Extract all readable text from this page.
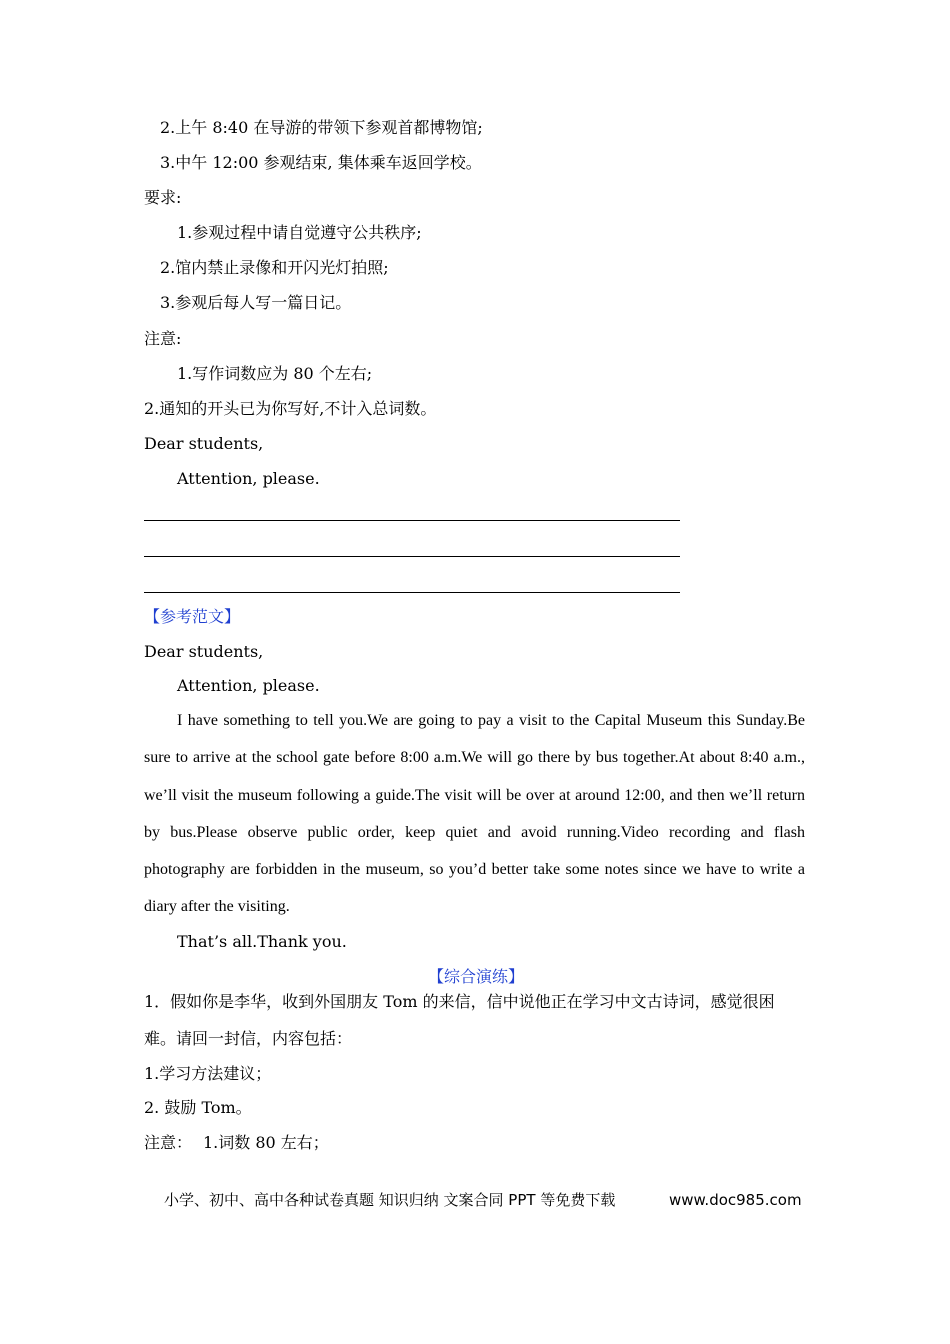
2.上午 8:40 在导游的带领下参观首都博物馆;
3.中午 12:00 参观结束, 集体乘车返回学校。
要求:
1.参观过程中请自觉遵守公共秩序;
2.馆内禁止录像和开闪光灯拍照;
3.参观后每人写一篇日记。
注意:
1.写作词数应为 80 个左右;
2.通知的开头已为你写好,不计入总词数。
Dear students,
Attention, please.
【参考范文】
Dear students,
Attention, please.
I have something to tell you.We are going to pay a visit to the Capital Museum this Sunday.Be sure to arrive at the school gate before 8:00 a.m.We will go there by bus together.At about 8:40 a.m., we’ll visit the museum following a guide.The visit will be over at around 12:00, and then we’ll return by bus.Please observe public order, keep quiet and avoid running.Video recording and flash photography are forbidden in the museum, so you’d better take some notes since we have to write a diary after the visiting.
That’s all.Thank you.
【综合演练】
1．假如你是李华，收到外国朋友 Tom 的来信，信中说他正在学习中文古诗词，感觉很困
难。请回一封信，内容包括：
1.学习方法建议；
2. 鼓励 Tom。
注意： 1.词数 80 左右；
小学、初中、高中各种试卷真题 知识归纳 文案合同 PPT 等免费下载	www.doc985.com
